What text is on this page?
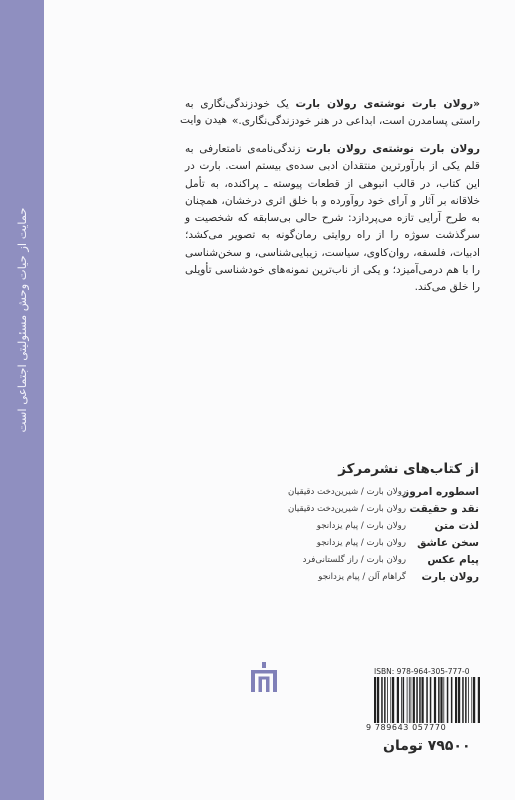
حمایت از حیات وحش مسئولیتی اجتماعی است
«رولان بارت نوشته‌ی رولان بارت یک خودزندگی‌نگاری به راستی پسامدرن است، ابداعی در هنر خودزندگی‌نگاری.»
هیدن وایت
رولان بارت نوشته‌ی رولان بارت زندگی‌نامه‌ی نامتعارفی به قلم یکی از بارآورترین منتقدان ادبی سده‌ی بیستم است. بارت در این کتاب، در قالب انبوهی از قطعات پیوسته ـ پراکنده، به تأمل خلاقانه بر آثار و آرای خود روآورده و با خلق اثری درخشان، همچنان به طرح آرایی تازه می‌پردازد: شرح حالی بی‌سابقه که شخصیت و سرگذشت سوژه را از راه روایتی رمان‌گونه به تصویر می‌کشد؛ ادبیات، فلسفه، روان‌کاوی، سیاست، زیبایی‌شناسی، و سخن‌شناسی را با هم درمی‌آمیزد؛ و یکی از ناب‌ترین نمونه‌های خودشناسی تأویلی را خلق می‌کند.
از کتاب‌های نشرمرکز
اسطوره امروز
رولان بارت / شیرین‌دخت دقیقیان
نقد و حقیقت
رولان بارت / شیرین‌دخت دقیقیان
لذت متن
رولان بارت / پیام یزدانجو
سخن عاشق
رولان بارت / پیام یزدانجو
پیام عکس
رولان بارت / راز گلستانی‌فرد
رولان بارت
گراهام آلن / پیام یزدانجو
ISBN: 978-964-305-777-0
9 789643 057770
۷۹۵۰۰ تومان
